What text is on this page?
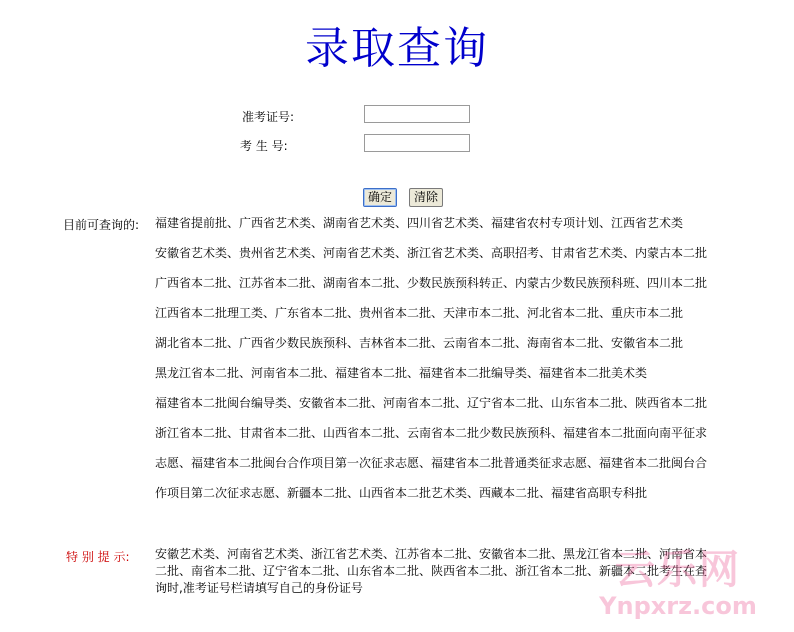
录取查询
准考证号:
考 生 号:
确定	清除
目前可查询的: 福建省提前批、广西省艺术类、湖南省艺术类、四川省艺术类、福建省农村专项计划、江西省艺术类
安徽省艺术类、贵州省艺术类、河南省艺术类、浙江省艺术类、高职招考、甘肃省艺术类、内蒙古本二批
广西省本二批、江苏省本二批、湖南省本二批、少数民族预科转正、内蒙古少数民族预科班、四川本二批
江西省本二批理工类、广东省本二批、贵州省本二批、天津市本二批、河北省本二批、重庆市本二批
湖北省本二批、广西省少数民族预科、吉林省本二批、云南省本二批、海南省本二批、安徽省本二批
黑龙江省本二批、河南省本二批、福建省本二批、福建省本二批编导类、福建省本二批美术类
福建省本二批闽台编导类、安徽省本二批、河南省本二批、辽宁省本二批、山东省本二批、陕西省本二批
浙江省本二批、甘肃省本二批、山西省本二批、云南省本二批少数民族预科、福建省本二批面向南平征求
志愿、福建省本二批闽台合作项目第一次征求志愿、福建省本二批普通类征求志愿、福建省本二批闽台合
作项目第二次征求志愿、新疆本二批、山西省本二批艺术类、西藏本二批、福建省高职专科批
特 别 提 示: 安徽艺术类、河南省艺术类、浙江省艺术类、江苏省本二批、安徽省本二批、黑龙江省本二批、河南省本
二批、南省本二批、辽宁省本二批、山东省本二批、陕西省本二批、浙江省本二批、新疆本二批考生在查
询时,准考证号栏请填写自己的身份证号	云乐网
Ynpxrz.com
